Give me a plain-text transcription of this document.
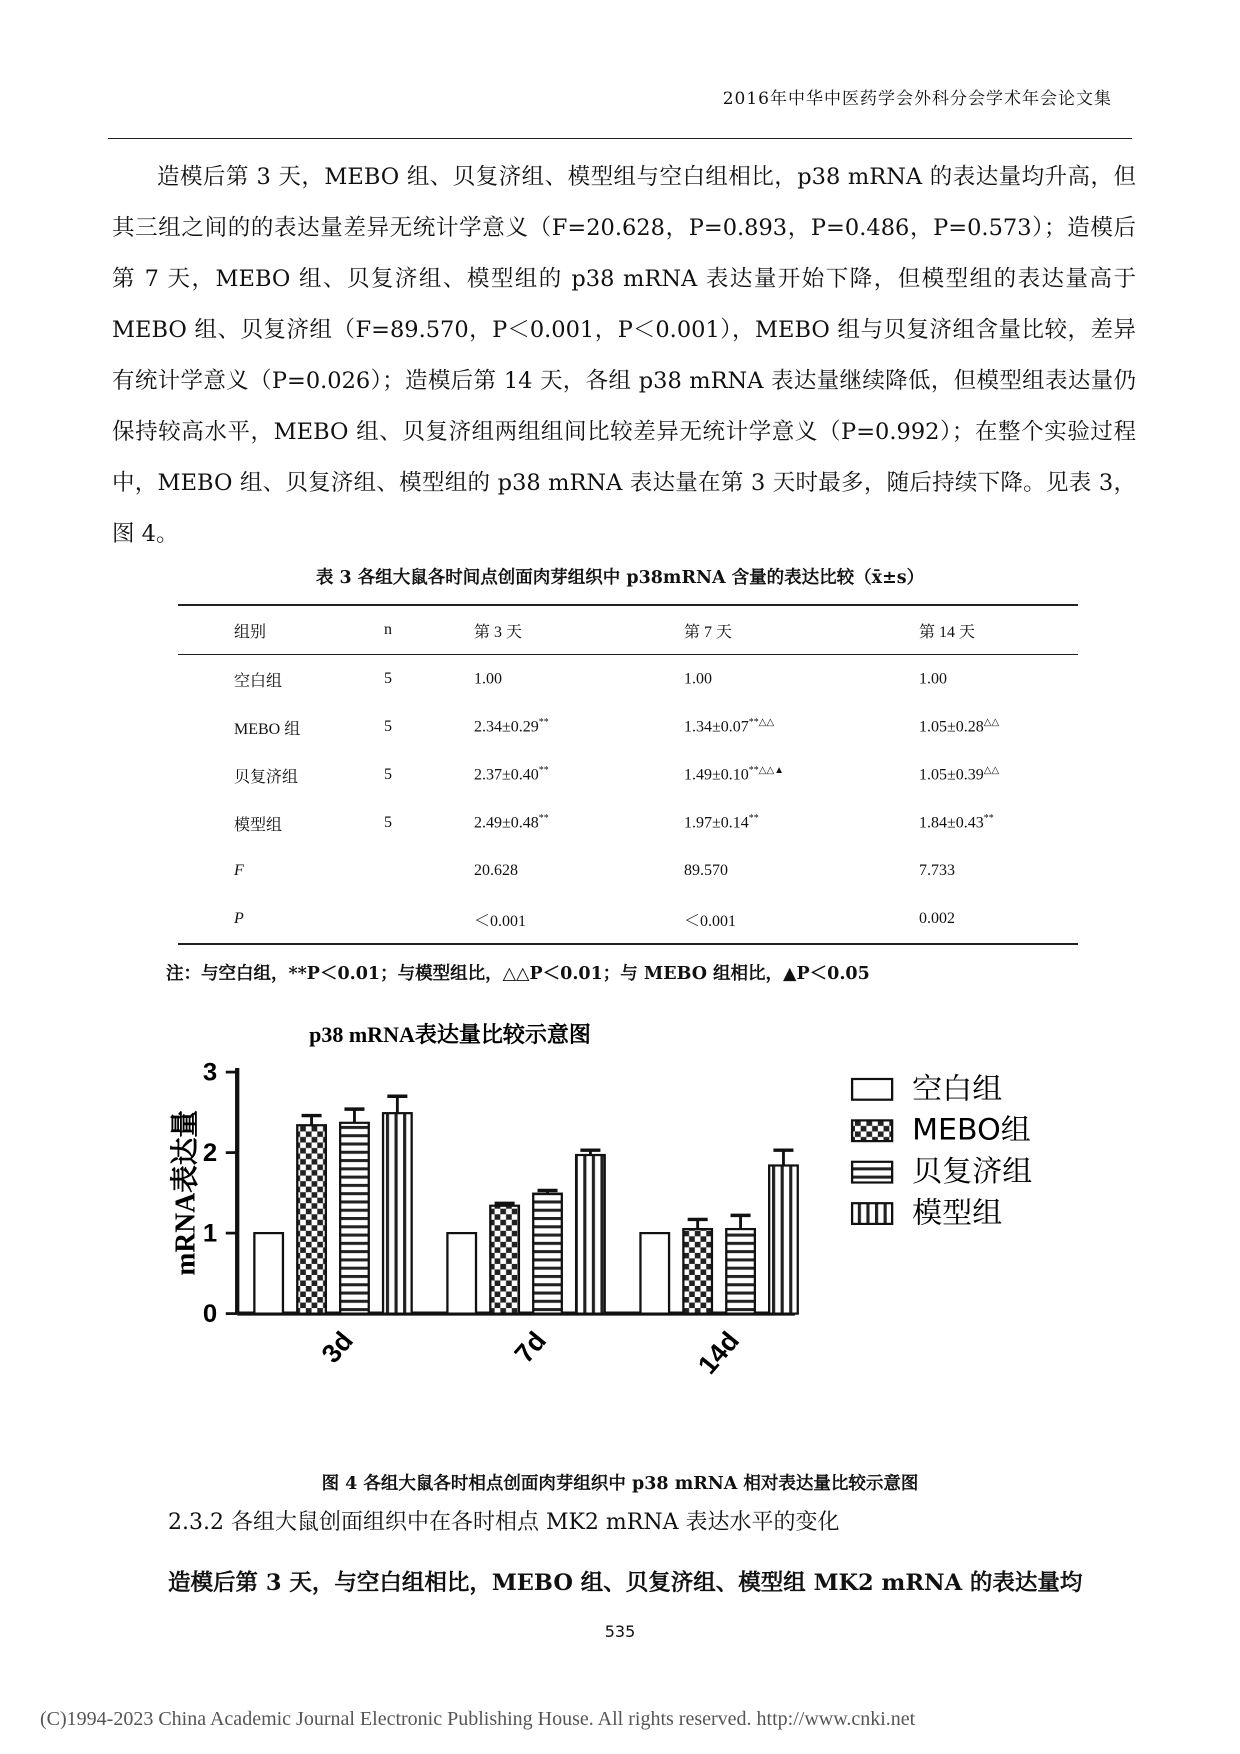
2016年中华中医药学会外科分会学术年会论文集

造模后第 3 天，MEBO 组、贝复济组、模型组与空白组相比，p38 mRNA 的表达量均升高，但其三组之间的的表达量差异无统计学意义（F=20.628，P=0.893，P=0.486，P=0.573）；造模后第 7 天，MEBO 组、贝复济组、模型组的 p38 mRNA 表达量开始下降，但模型组的表达量高于 MEBO 组、贝复济组（F=89.570，P＜0.001，P＜0.001），MEBO 组与贝复济组含量比较，差异有统计学意义（P=0.026）；造模后第 14 天，各组 p38 mRNA 表达量继续降低，但模型组表达量仍保持较高水平，MEBO 组、贝复济组两组组间比较差异无统计学意义（P=0.992）；在整个实验过程中，MEBO 组、贝复济组、模型组的 p38 mRNA 表达量在第 3 天时最多，随后持续下降。见表 3，图 4。

表 3 各组大鼠各时间点创面肉芽组织中 p38mRNA 含量的表达比较（x̄±s）
组别	n	第 3 天	第 7 天	第 14 天
空白组	5	1.00	1.00	1.00
MEBO 组	5	2.34±0.29**	1.34±0.07**△△	1.05±0.28△△
贝复济组	5	2.37±0.40**	1.49±0.10**△△▲	1.05±0.39△△
模型组	5	2.49±0.48**	1.97±0.14**	1.84±0.43**
F		20.628	89.570	7.733
P		＜0.001	＜0.001	0.002
注：与空白组，**P＜0.01；与模型组比，△△P＜0.01；与 MEBO 组相比，▲P＜0.05
p38 mRNA表达量比较示意图
0
1
2
3
mRNA表达量
3d	7d	14d
空白组
MEBO组
贝复济组
模型组
图 4 各组大鼠各时相点创面肉芽组织中 p38 mRNA 相对表达量比较示意图
2.3.2 各组大鼠创面组织中在各时相点 MK2 mRNA 表达水平的变化
造模后第 3 天，与空白组相比，MEBO 组、贝复济组、模型组 MK2 mRNA 的表达量均
535
(C)1994-2023 China Academic Journal Electronic Publishing House. All rights reserved. http://www.cnki.net
